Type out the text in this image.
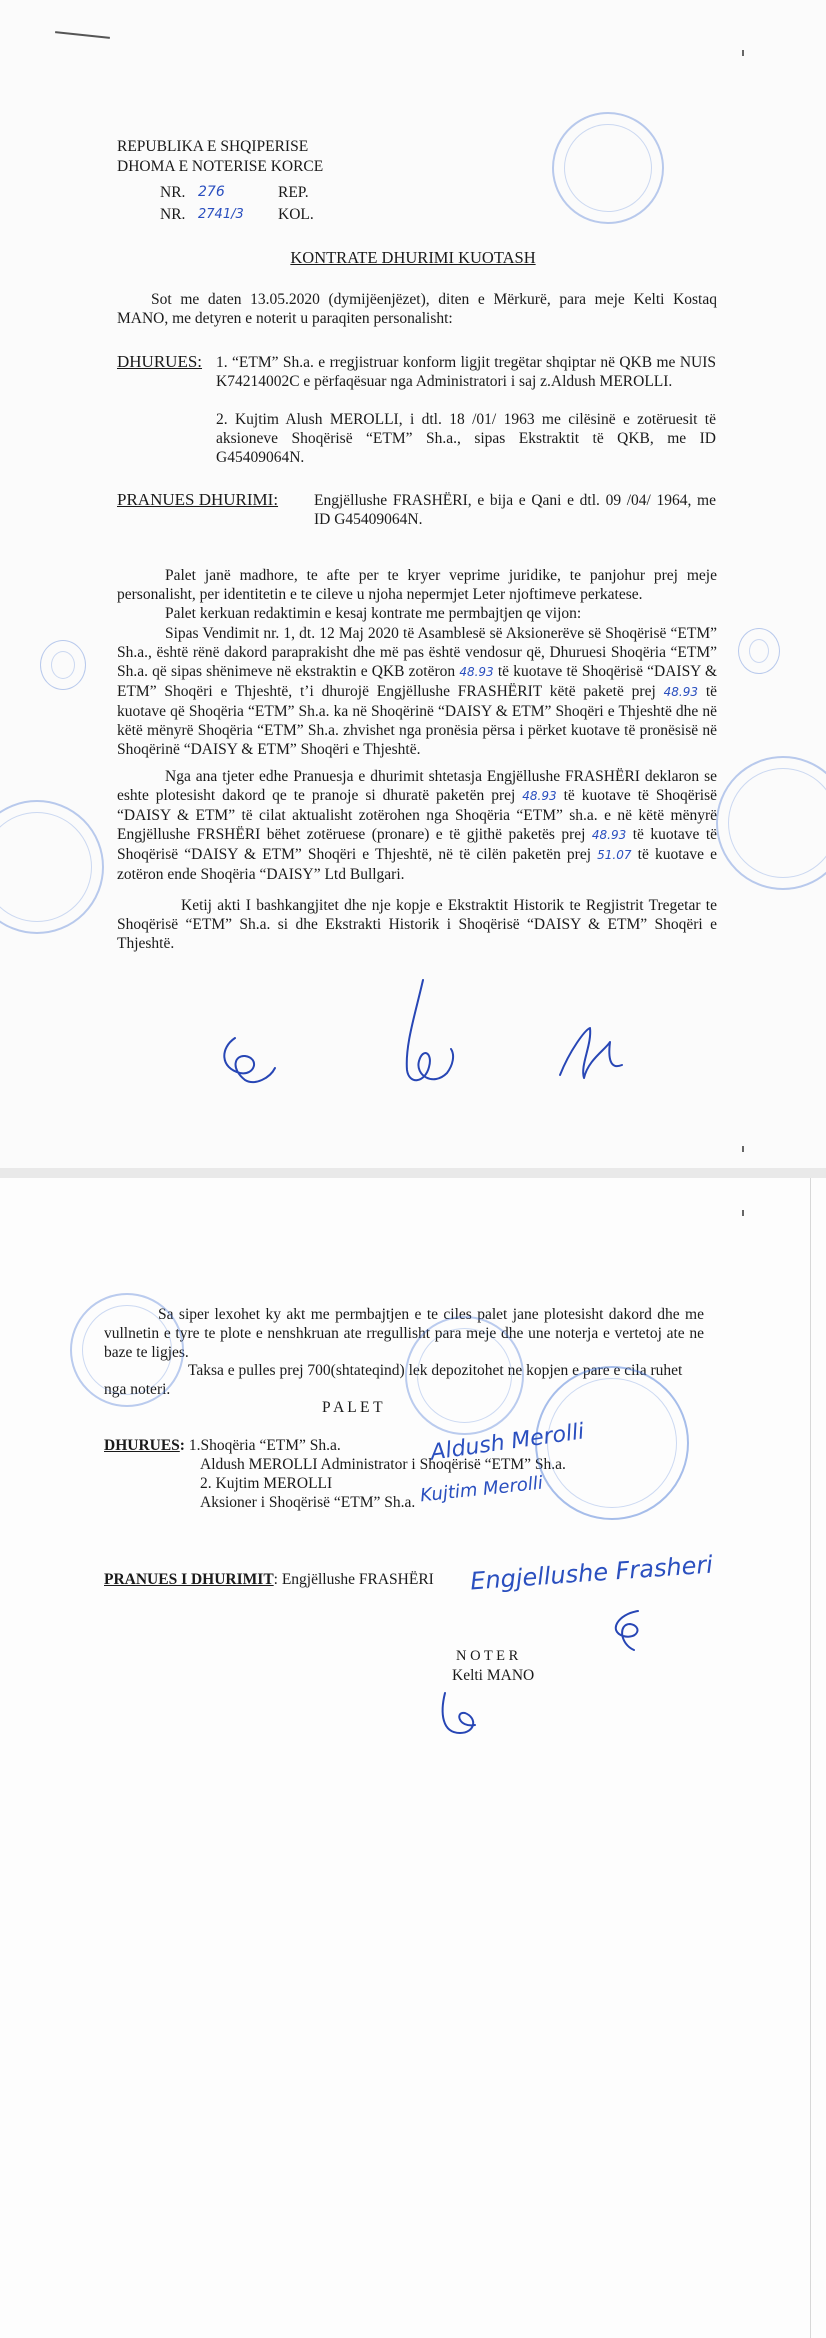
REPUBLIKA E SHQIPERISE

DHOMA E NOTERISE KORCE

NR. 276	REP.

NR. 2741/3 KOL.

KONTRATE DHURIMI KUOTASH

Sot me daten 13.05.2020 (dymijëenjëzet), diten e Mërkurë, para meje Kelti Kostaq MANO, me detyren e noterit u paraqiten personalisht:

DHURUES: 1. “ETM” Sh.a. e rregjistruar konform ligjit tregëtar shqiptar në QKB me NUIS K74214002C e përfaqësuar nga Administratori i saj z.Aldush MEROLLI.

2. Kujtim Alush MEROLLI, i dtl. 18 /01/ 1963 me cilësinë e zotëruesit të aksioneve Shoqërisë “ETM” Sh.a., sipas Ekstraktit të QKB, me ID G45409064N.

PRANUES DHURIMI: Engjëllushe FRASHËRI, e bija e Qani e dtl. 09 /04/ 1964, me ID G45409064N.

Palet janë madhore, te afte per te kryer veprime juridike, te panjohur prej meje personalisht, per identitetin e te cileve u njoha nepermjet Leter njoftimeve perkatese.

Palet kerkuan redaktimin e kesaj kontrate me permbajtjen qe vijon:

Sipas Vendimit nr. 1, dt. 12 Maj 2020 të Asamblesë së Aksionerëve së Shoqërisë “ETM” Sh.a., është rënë dakord paraprakisht dhe më pas është vendosur që, Dhuruesi Shoqëria “ETM” Sh.a. që sipas shënimeve në ekstraktin e QKB zotëron 48.93 të kuotave të Shoqërisë “DAISY & ETM” Shoqëri e Thjeshtë, t’i dhurojë Engjëllushe FRASHËRIT këtë paketë prej 48.93 të kuotave që Shoqëria “ETM” Sh.a. ka në Shoqërinë “DAISY & ETM” Shoqëri e Thjeshtë dhe në këtë mënyrë Shoqëria “ETM” Sh.a. zhvishet nga pronësia përsa i përket kuotave të pronësisë në Shoqërinë “DAISY & ETM” Shoqëri e Thjeshtë.

Nga ana tjeter edhe Pranuesja e dhurimit shtetasja Engjëllushe FRASHËRI deklaron se eshte plotesisht dakord qe te pranoje si dhuratë paketën prej 48.93 të kuotave të Shoqërisë “DAISY & ETM” të cilat aktualisht zotërohen nga Shoqëria “ETM” sh.a. e në këtë mënyrë Engjëllushe FRSHËRI bëhet zotëruese (pronare) e të gjithë paketës prej 48.93 të kuotave të Shoqërisë “DAISY & ETM” Shoqëri e Thjeshtë, në të cilën paketën prej 51.07 të kuotave e zotëron ende Shoqëria “DAISY” Ltd Bullgari.

Ketij akti I bashkangjitet dhe nje kopje e Ekstraktit Historik te Regjistrit Tregetar te Shoqërisë “ETM” Sh.a. si dhe Ekstrakti Historik i Shoqërisë “DAISY & ETM” Shoqëri e Thjeshtë.

Sa siper lexohet ky akt me permbajtjen e te ciles palet jane plotesisht dakord dhe me vullnetin e tyre te plote e nenshkruan ate rregullisht para meje dhe une noterja e vertetoj ate ne baze te ligjes.

Taksa e pulles prej 700(shtateqind) lek depozitohet ne kopjen e pare e cila ruhet nga noteri.

P A L E T

DHURUES: 1.Shoqëria “ETM” Sh.a.

Aldush MEROLLI Administrator i Shoqërisë “ETM” Sh.a.

2. Kujtim MEROLLI

Aksioner i Shoqërisë “ETM” Sh.a.

PRANUES I DHURIMIT: Engjëllushe FRASHËRI

N O T E R

Kelti MANO

Aldush Merolli

Kujtim Merolli

Engjellushe Frasheri
